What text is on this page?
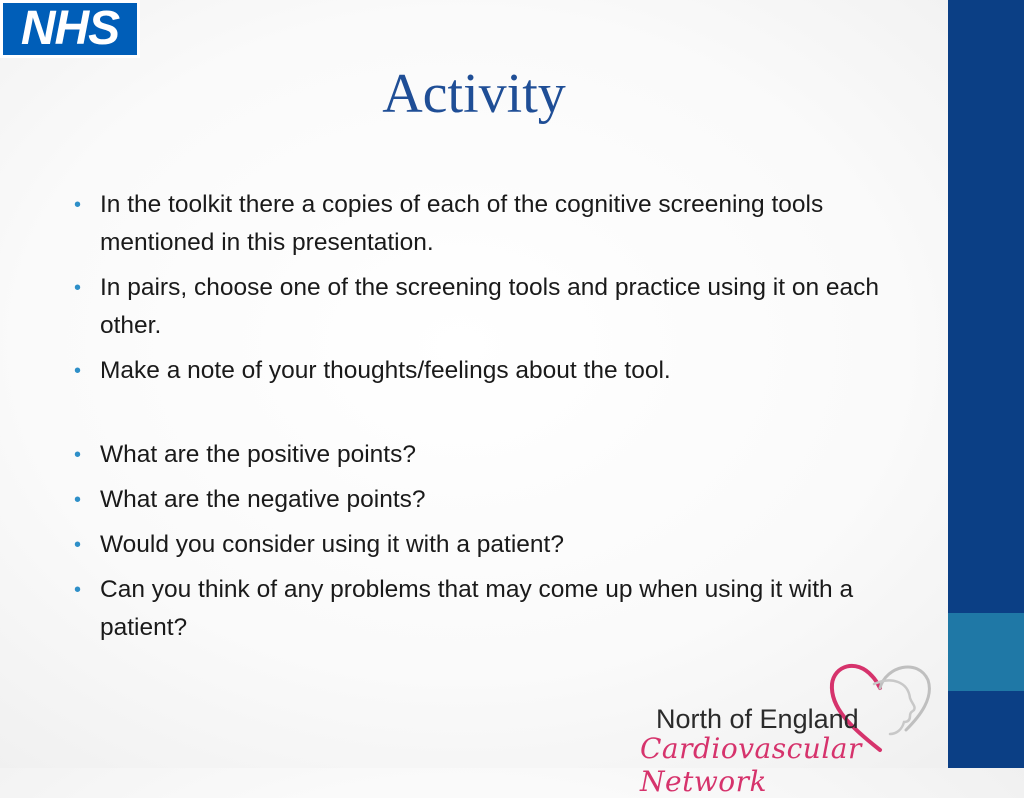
NHS
Activity
• In the toolkit there a copies of each of the cognitive screening tools mentioned in this presentation.
• In pairs, choose one of the screening tools and practice using it on each other.
• Make a note of your thoughts/feelings about the tool.
• What are the positive points?
• What are the negative points?
• Would you consider using it with a patient?
• Can you think of any problems that may come up when using it with a patient?
North of England
Cardiovascular Network
